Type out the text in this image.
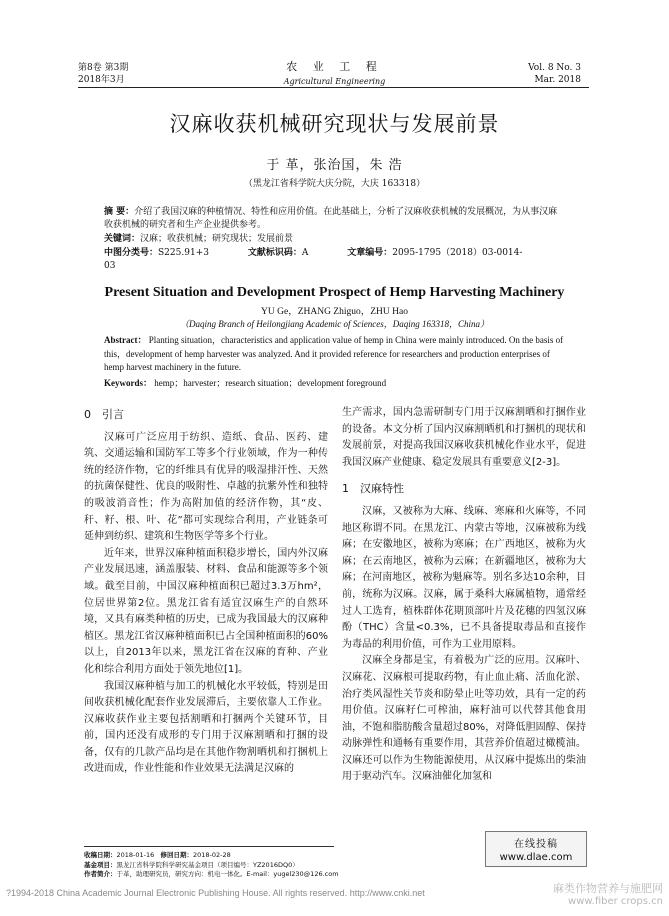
第8卷 第3期
2018年3月
农 业 工 程
Agricultural Engineering
Vol. 8 No. 3
Mar. 2018
汉麻收获机械研究现状与发展前景
于 革，张治国，朱 浩
（黑龙江省科学院大庆分院，大庆 163318）
摘 要：介绍了我国汉麻的种植情况、特性和应用价值。在此基础上，分析了汉麻收获机械的发展概况，为从事汉麻收获机械的研究者和生产企业提供参考。
关键词：汉麻；收获机械；研究现状；发展前景
中图分类号：S225.91+3	文献标识码：A	文章编号：2095-1795（2018）03-0014-03
Present Situation and Development Prospect of Hemp Harvesting Machinery
YU Ge，ZHANG Zhiguo，ZHU Hao
（Daqing Branch of Heilongjiang Academic of Sciences，Daqing 163318，China）
Abstract： Planting situation，characteristics and application value of hemp in China were mainly introduced. On the basis of this，development of hemp harvester was analyzed. And it provided reference for researchers and production enterprises of hemp harvest machinery in the future.
Keywords： hemp；harvester；research situation；development foreground
0 引言

汉麻可广泛应用于纺织、造纸、食品、医药、建筑、交通运输和国防军工等多个行业领域，作为一种传统的经济作物，它的纤维具有优异的吸湿排汗性、天然的抗菌保健性、优良的吸附性、卓越的抗紫外性和独特的吸波消音性；作为高附加值的经济作物，其“皮、秆、籽、根、叶、花”都可实现综合利用，产业链条可延伸到纺织、建筑和生物医学等多个行业。

近年来，世界汉麻种植面积稳步增长，国内外汉麻产业发展迅速，涵盖服装、材料、食品和能源等多个领域。截至目前，中国汉麻种植面积已超过3.3万hm²，位居世界第2位。黑龙江省有适宜汉麻生产的自然环境，又具有麻类种植的历史，已成为我国最大的汉麻种植区。黑龙江省汉麻种植面积已占全国种植面积的60%以上，自2013年以来，黑龙江省在汉麻的育种、产业化和综合利用方面处于领先地位[1]。

我国汉麻种植与加工的机械化水平较低，特别是田间收获机械化配套作业发展滞后，主要依靠人工作业。汉麻收获作业主要包括割晒和打捆两个关键环节，目前，国内还没有成形的专门用于汉麻割晒和打捆的设备，仅有的几款产品均是在其他作物割晒机和打捆机上改进而成，作业性能和作业效果无法满足汉麻的

生产需求，国内急需研制专门用于汉麻割晒和打捆作业的设备。本文分析了国内汉麻割晒机和打捆机的现状和发展前景，对提高我国汉麻收获机械化作业水平，促进我国汉麻产业健康、稳定发展具有重要意义[2-3]。

1 汉麻特性

汉麻，又被称为大麻、线麻、寒麻和火麻等，不同地区称谓不同。在黑龙江、内蒙古等地，汉麻被称为线麻；在安徽地区，被称为寒麻；在广西地区，被称为火麻；在云南地区，被称为云麻；在新疆地区，被称为大麻；在河南地区，被称为魁麻等。别名多达10余种，目前，统称为汉麻。汉麻，属于桑科大麻属植物，通常经过人工选育，植株群体花期顶部叶片及花穗的四氢汉麻酚（THC）含量<0.3%，已不具备提取毒品和直接作为毒品的利用价值，可作为工业用原料。

汉麻全身都是宝，有着极为广泛的应用。汉麻叶、汉麻花、汉麻根可提取药物，有止血止痛、活血化淤、治疗类风湿性关节炎和防晕止吐等功效，具有一定的药用价值。汉麻籽仁可榨油，麻籽油可以代替其他食用油，不饱和脂肪酸含量超过80%，对降低胆固醇、保持动脉弹性和通畅有重要作用，其营养价值超过橄榄油。汉麻还可以作为生物能源使用，从汉麻中提炼出的柴油用于驱动汽车。汉麻油催化加氢和

收稿日期：2018-01-16 修回日期：2018-02-28
基金项目：黑龙江省科学院科学研究基金项目（项目编号：YZ2016DQ0）
作者简介：于革，助理研究员，研究方向：机电一体化。E-mail：yugel230@126.com
在线投稿
www.dlae.com
?1994-2018 China Academic Journal Electronic Publishing House. All rights reserved. http://www.cnki.net	麻类作物营养与施肥网
www.fiber crops.cn
